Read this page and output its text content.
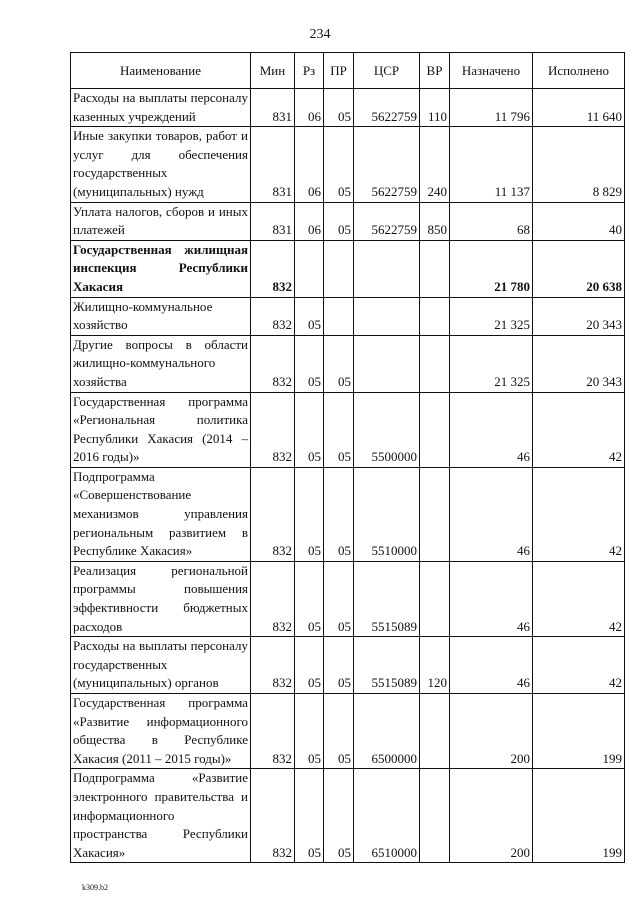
234
Наименование	Мин	Рз	ПР	ЦСР	ВР	Назначено	Исполнено
Расходы на выплаты персоналу казенных учреждений	831	06	05	5622759	110	11 796	11 640
Иные закупки товаров, работ и услуг для обеспечения государственных (муниципальных) нужд	831	06	05	5622759	240	11 137	8 829
Уплата налогов, сборов и иных платежей	831	06	05	5622759	850	68	40
Государственная жилищная инспекция Республики Хакасия	832					21 780	20 638
Жилищно-коммунальное хозяйство	832	05				21 325	20 343
Другие вопросы в области жилищно-коммунального хозяйства	832	05	05			21 325	20 343
Государственная программа «Региональная политика Республики Хакасия (2014 – 2016 годы)»	832	05	05	5500000		46	42
Подпрограмма «Совершенствование механизмов управления региональным развитием в Республике Хакасия»	832	05	05	5510000		46	42
Реализация региональной программы повышения эффективности бюджетных расходов	832	05	05	5515089		46	42
Расходы на выплаты персоналу государственных (муниципальных) органов	832	05	05	5515089	120	46	42
Государственная программа «Развитие информационного общества в Республике Хакасия (2011 – 2015 годы)»	832	05	05	6500000		200	199
Подпрограмма «Развитие электронного правительства и информационного пространства Республики Хакасия»	832	05	05	6510000		200	199
k309.b2
